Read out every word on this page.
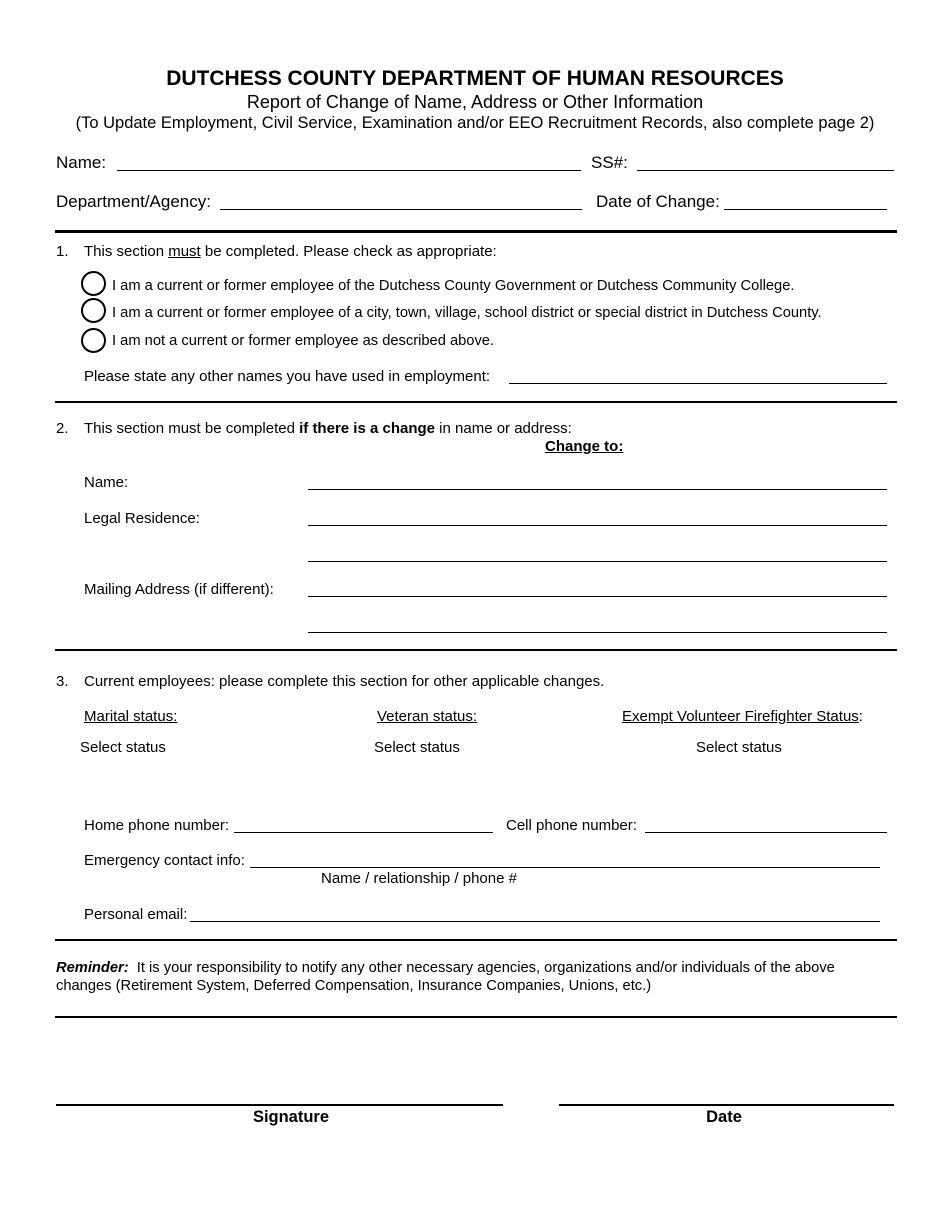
DUTCHESS COUNTY DEPARTMENT OF HUMAN RESOURCES
Report of Change of Name, Address or Other Information
(To Update Employment, Civil Service, Examination and/or EEO Recruitment Records, also complete page 2)
Name:	SS#:
Department/Agency:	Date of Change:
1. This section must be completed. Please check as appropriate:
I am a current or former employee of the Dutchess County Government or Dutchess Community College.
I am a current or former employee of a city, town, village, school district or special district in Dutchess County.
I am not a current or former employee as described above.
Please state any other names you have used in employment:
2. This section must be completed if there is a change in name or address:
Change to:
Name:
Legal Residence:
Mailing Address (if different):
3. Current employees: please complete this section for other applicable changes.
Marital status:	Veteran status:	Exempt Volunteer Firefighter Status:
Select status	Select status	Select status
Home phone number:	Cell phone number:
Emergency contact info:
Name / relationship / phone #
Personal email:
Reminder:  It is your responsibility to notify any other necessary agencies, organizations and/or individuals of the above
changes (Retirement System, Deferred Compensation, Insurance Companies, Unions, etc.)
Signature	Date
